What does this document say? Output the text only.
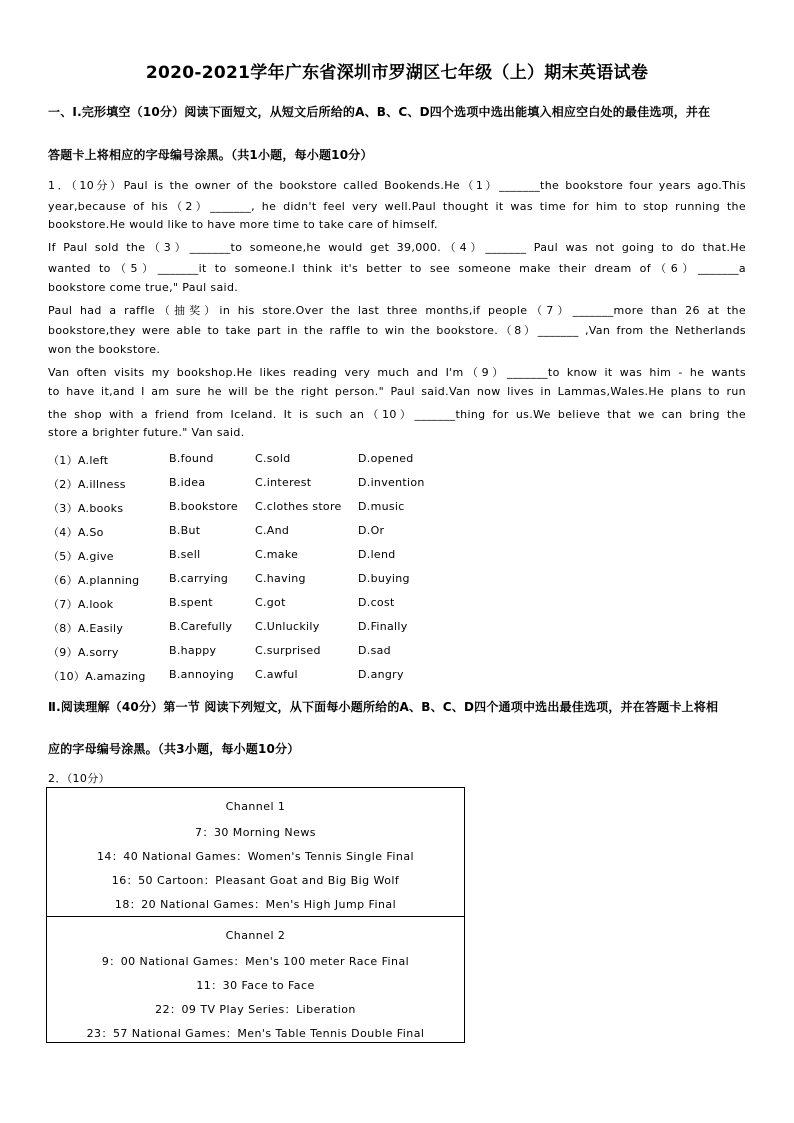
2020-2021学年广东省深圳市罗湖区七年级（上）期末英语试卷
一、I.完形填空（10分）阅读下面短文，从短文后所给的A、B、C、D四个选项中选出能填入相应空白处的最佳选项，并在
答题卡上将相应的字母编号涂黑。（共1小题，每小题10分）
1．（10分）Paul is the owner of the bookstore called Bookends.He（1）_______the bookstore four years ago.This
year,because of his（2）_______, he didn't feel very well.Paul thought it was time for him to stop running the
bookstore.He would like to have more time to take care of himself.
If Paul sold the（3）_______to someone,he would get 39,000.（4）_______ Paul was not going to do that.He
wanted to（5）_______it to someone.I think it's better to see someone make their dream of（6）_______a
bookstore come true," Paul said.
Paul had a raffle（抽奖）in his store.Over the last three months,if people（7）_______more than 26 at the
bookstore,they were able to take part in the raffle to win the bookstore.（8）_______ ,Van from the Netherlands
won the bookstore.
Van often visits my bookshop.He likes reading very much and I'm（9）_______to know it was him - he wants
to have it,and I am sure he will be the right person." Paul said.Van now lives in Lammas,Wales.He plans to run
the shop with a friend from Iceland. It is such an（10）_______thing for us.We believe that we can bring the
store a brighter future." Van said.
（1）A.left	B.found	C.sold	D.opened
（2）A.illness	B.idea	C.interest	D.invention
（3）A.books	B.bookstore C.clothes store D.music
（4）A.So	B.But	C.And	D.Or
（5）A.give	B.sell	C.make	D.lend
（6）A.planning	B.carrying C.having	D.buying
（7）A.look	B.spent	C.got	D.cost
（8）A.Easily	B.Carefully C.Unluckily	D.Finally
（9）A.sorry	B.happy	C.surprised	D.sad
（10）A.amazing B.annoying C.awful	D.angry
Ⅱ.阅读理解（40分）第一节 阅读下列短文，从下面每小题所给的A、B、C、D四个通项中选出最佳选项，并在答题卡上将相
应的字母编号涂黑。（共3小题，每小题10分）
2．（10分）
Channel 1
7：30 Morning News
14：40 National Games：Women's Tennis Single Final
16：50 Cartoon：Pleasant Goat and Big Big Wolf
18：20 National Games：Men's High Jump Final
Channel 2
9：00 National Games：Men's 100 meter Race Final
11：30 Face to Face
22：09 TV Play Series：Liberation
23：57 National Games：Men's Table Tennis Double Final
